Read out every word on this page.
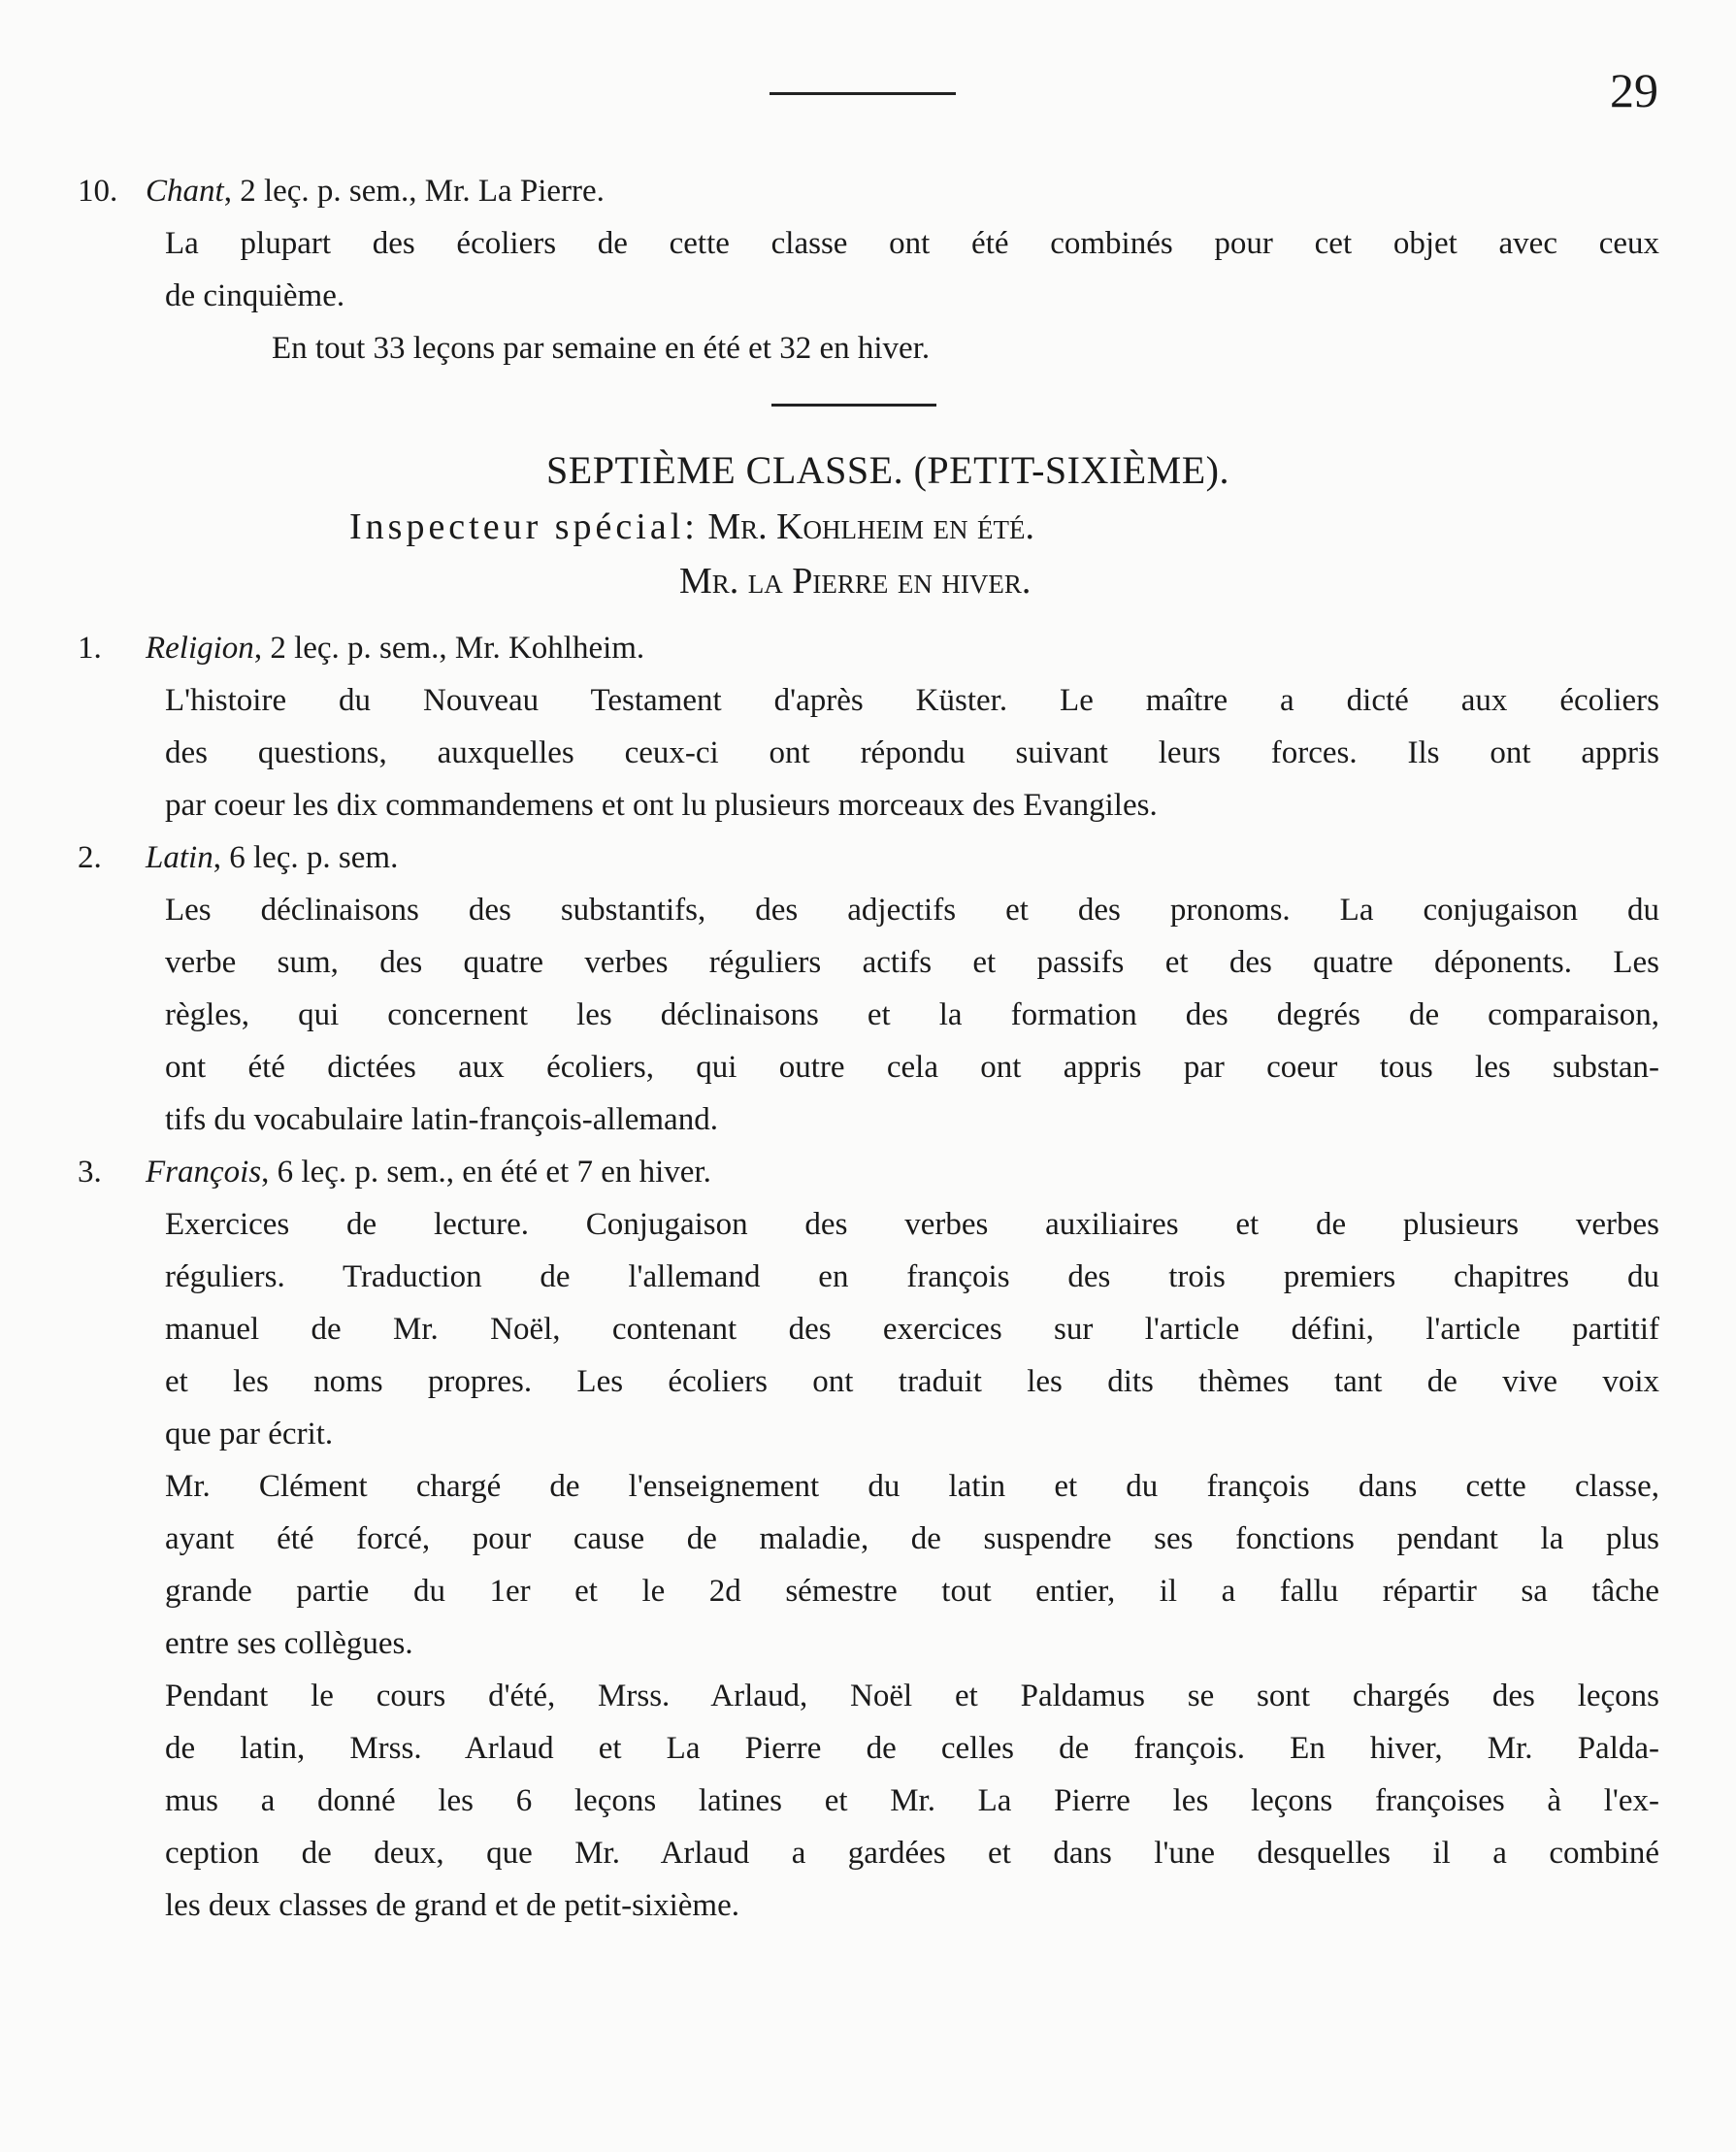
29
10. Chant, 2 leç. p. sem., Mr. La Pierre.
La plupart des écoliers de cette classe ont été combinés pour cet objet avec ceux
de cinquième.
En tout 33 leçons par semaine en été et 32 en hiver.
SEPTIÈME CLASSE. (PETIT-SIXIÈME).
Inspecteur spécial: Mr. Kohlheim en été.
Mr. la Pierre en hiver.
1. Religion, 2 leç. p. sem., Mr. Kohlheim.
L'histoire du Nouveau Testament d'après Küster. Le maître a dicté aux écoliers
des questions, auxquelles ceux-ci ont répondu suivant leurs forces. Ils ont appris
par coeur les dix commandemens et ont lu plusieurs morceaux des Evangiles.
2. Latin, 6 leç. p. sem.
Les déclinaisons des substantifs, des adjectifs et des pronoms. La conjugaison du
verbe sum, des quatre verbes réguliers actifs et passifs et des quatre déponents. Les
règles, qui concernent les déclinaisons et la formation des degrés de comparaison,
ont été dictées aux écoliers, qui outre cela ont appris par coeur tous les substan-
tifs du vocabulaire latin-françois-allemand.
3. François, 6 leç. p. sem., en été et 7 en hiver.
Exercices de lecture. Conjugaison des verbes auxiliaires et de plusieurs verbes
réguliers. Traduction de l'allemand en françois des trois premiers chapitres du
manuel de Mr. Noël, contenant des exercices sur l'article défini, l'article partitif
et les noms propres. Les écoliers ont traduit les dits thèmes tant de vive voix
que par écrit.
Mr. Clément chargé de l'enseignement du latin et du françois dans cette classe,
ayant été forcé, pour cause de maladie, de suspendre ses fonctions pendant la plus
grande partie du 1er et le 2d sémestre tout entier, il a fallu répartir sa tâche
entre ses collègues.
Pendant le cours d'été, Mrss. Arlaud, Noël et Paldamus se sont chargés des leçons
de latin, Mrss. Arlaud et La Pierre de celles de françois. En hiver, Mr. Palda-
mus a donné les 6 leçons latines et Mr. La Pierre les leçons françoises à l'ex-
ception de deux, que Mr. Arlaud a gardées et dans l'une desquelles il a combiné
les deux classes de grand et de petit-sixième.
